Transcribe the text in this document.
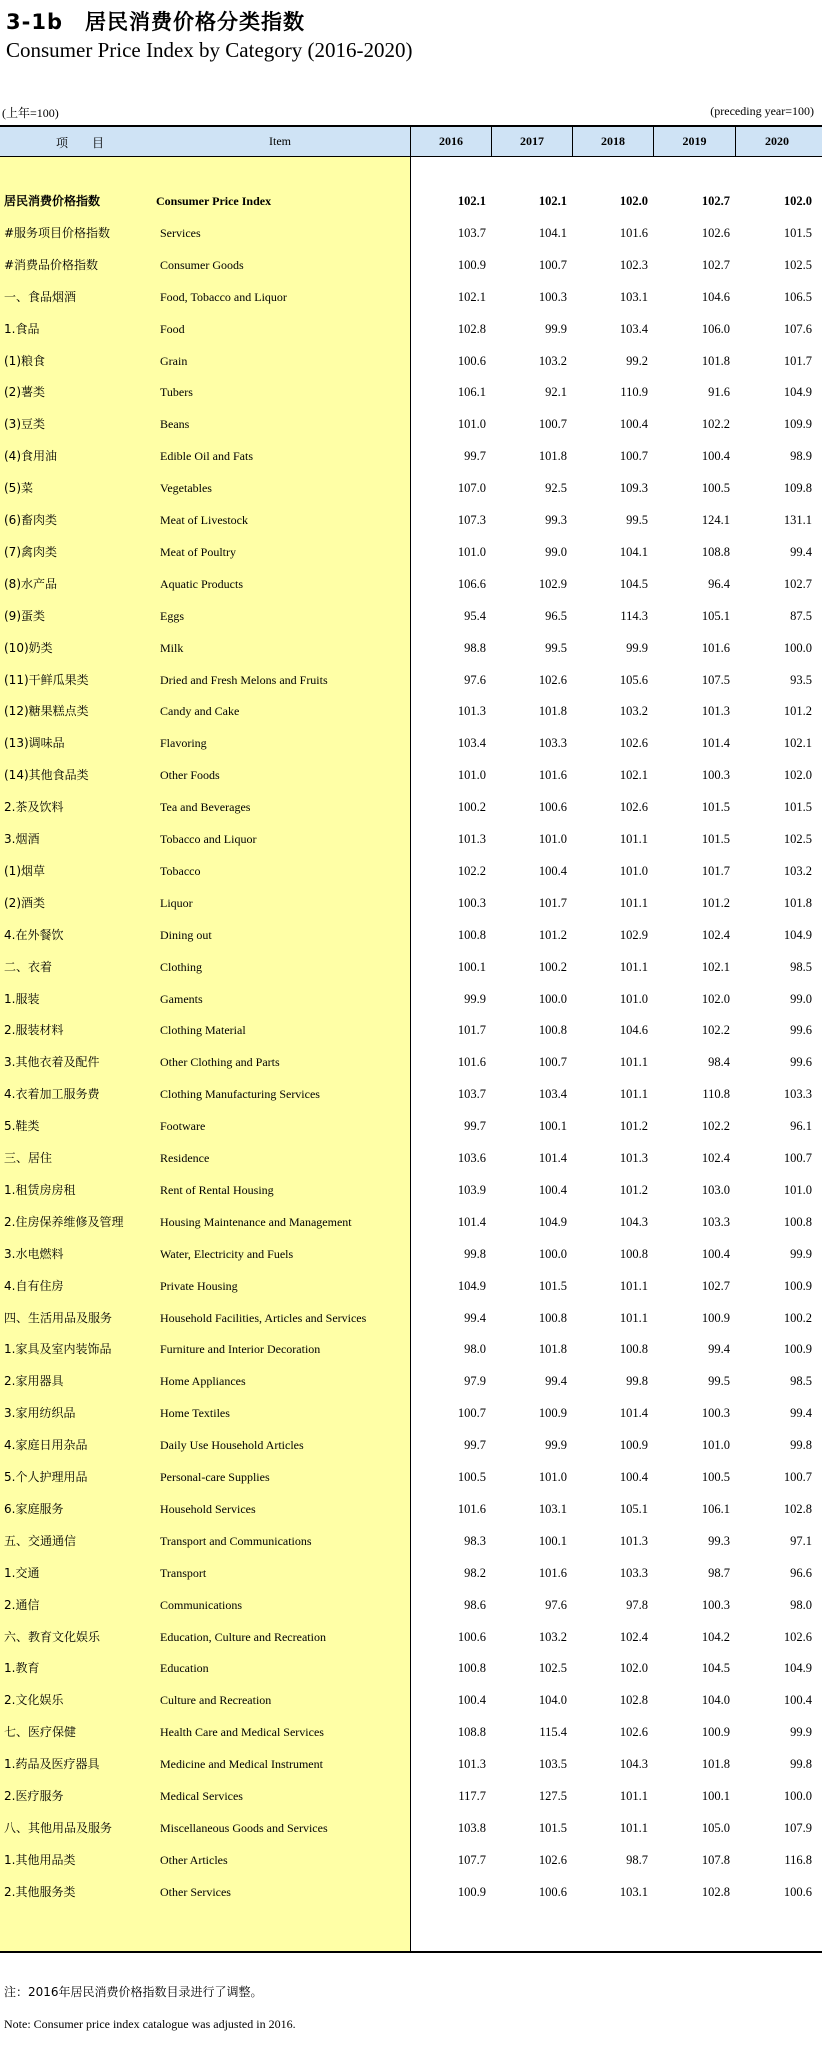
3-1b　居民消费价格分类指数
Consumer Price Index by Category (2016-2020)
(上年=100)	(preceding year=100)
项　　目	Item	2016	2017	2018	2019	2020
居民消费价格指数	Consumer Price Index	102.1	102.1	102.0	102.7	102.0
#服务项目价格指数	Services	103.7	104.1	101.6	102.6	101.5
#消费品价格指数	Consumer Goods	100.9	100.7	102.3	102.7	102.5
一、食品烟酒	Food, Tobacco and Liquor	102.1	100.3	103.1	104.6	106.5
1.食品	Food	102.8	99.9	103.4	106.0	107.6
(1)粮食	Grain	100.6	103.2	99.2	101.8	101.7
(2)薯类	Tubers	106.1	92.1	110.9	91.6	104.9
(3)豆类	Beans	101.0	100.7	100.4	102.2	109.9
(4)食用油	Edible Oil and Fats	99.7	101.8	100.7	100.4	98.9
(5)菜	Vegetables	107.0	92.5	109.3	100.5	109.8
(6)畜肉类	Meat of Livestock	107.3	99.3	99.5	124.1	131.1
(7)禽肉类	Meat of Poultry	101.0	99.0	104.1	108.8	99.4
(8)水产品	Aquatic Products	106.6	102.9	104.5	96.4	102.7
(9)蛋类	Eggs	95.4	96.5	114.3	105.1	87.5
(10)奶类	Milk	98.8	99.5	99.9	101.6	100.0
(11)干鲜瓜果类	Dried and Fresh Melons and Fruits	97.6	102.6	105.6	107.5	93.5
(12)糖果糕点类	Candy and Cake	101.3	101.8	103.2	101.3	101.2
(13)调味品	Flavoring	103.4	103.3	102.6	101.4	102.1
(14)其他食品类	Other Foods	101.0	101.6	102.1	100.3	102.0
2.茶及饮料	Tea and Beverages	100.2	100.6	102.6	101.5	101.5
3.烟酒	Tobacco and Liquor	101.3	101.0	101.1	101.5	102.5
(1)烟草	Tobacco	102.2	100.4	101.0	101.7	103.2
(2)酒类	Liquor	100.3	101.7	101.1	101.2	101.8
4.在外餐饮	Dining out	100.8	101.2	102.9	102.4	104.9
二、衣着	Clothing	100.1	100.2	101.1	102.1	98.5
1.服装	Gaments	99.9	100.0	101.0	102.0	99.0
2.服装材料	Clothing Material	101.7	100.8	104.6	102.2	99.6
3.其他衣着及配件	Other Clothing and Parts	101.6	100.7	101.1	98.4	99.6
4.衣着加工服务费	Clothing Manufacturing Services	103.7	103.4	101.1	110.8	103.3
5.鞋类	Footware	99.7	100.1	101.2	102.2	96.1
三、居住	Residence	103.6	101.4	101.3	102.4	100.7
1.租赁房房租	Rent of Rental Housing	103.9	100.4	101.2	103.0	101.0
2.住房保养维修及管理	Housing Maintenance and Management	101.4	104.9	104.3	103.3	100.8
3.水电燃料	Water, Electricity and Fuels	99.8	100.0	100.8	100.4	99.9
4.自有住房	Private Housing	104.9	101.5	101.1	102.7	100.9
四、生活用品及服务	Household Facilities, Articles and Services	99.4	100.8	101.1	100.9	100.2
1.家具及室内装饰品	Furniture and Interior Decoration	98.0	101.8	100.8	99.4	100.9
2.家用器具	Home Appliances	97.9	99.4	99.8	99.5	98.5
3.家用纺织品	Home Textiles	100.7	100.9	101.4	100.3	99.4
4.家庭日用杂品	Daily Use Household Articles	99.7	99.9	100.9	101.0	99.8
5.个人护理用品	Personal-care Supplies	100.5	101.0	100.4	100.5	100.7
6.家庭服务	Household Services	101.6	103.1	105.1	106.1	102.8
五、交通通信	Transport and Communications	98.3	100.1	101.3	99.3	97.1
1.交通	Transport	98.2	101.6	103.3	98.7	96.6
2.通信	Communications	98.6	97.6	97.8	100.3	98.0
六、教育文化娱乐	Education, Culture and Recreation	100.6	103.2	102.4	104.2	102.6
1.教育	Education	100.8	102.5	102.0	104.5	104.9
2.文化娱乐	Culture and Recreation	100.4	104.0	102.8	104.0	100.4
七、医疗保健	Health Care and Medical Services	108.8	115.4	102.6	100.9	99.9
1.药品及医疗器具	Medicine and Medical Instrument	101.3	103.5	104.3	101.8	99.8
2.医疗服务	Medical Services	117.7	127.5	101.1	100.1	100.0
八、其他用品及服务	Miscellaneous Goods and Services	103.8	101.5	101.1	105.0	107.9
1.其他用品类	Other Articles	107.7	102.6	98.7	107.8	116.8
2.其他服务类	Other Services	100.9	100.6	103.1	102.8	100.6
注：2016年居民消费价格指数目录进行了调整。
Note: Consumer price index catalogue was adjusted in 2016.
